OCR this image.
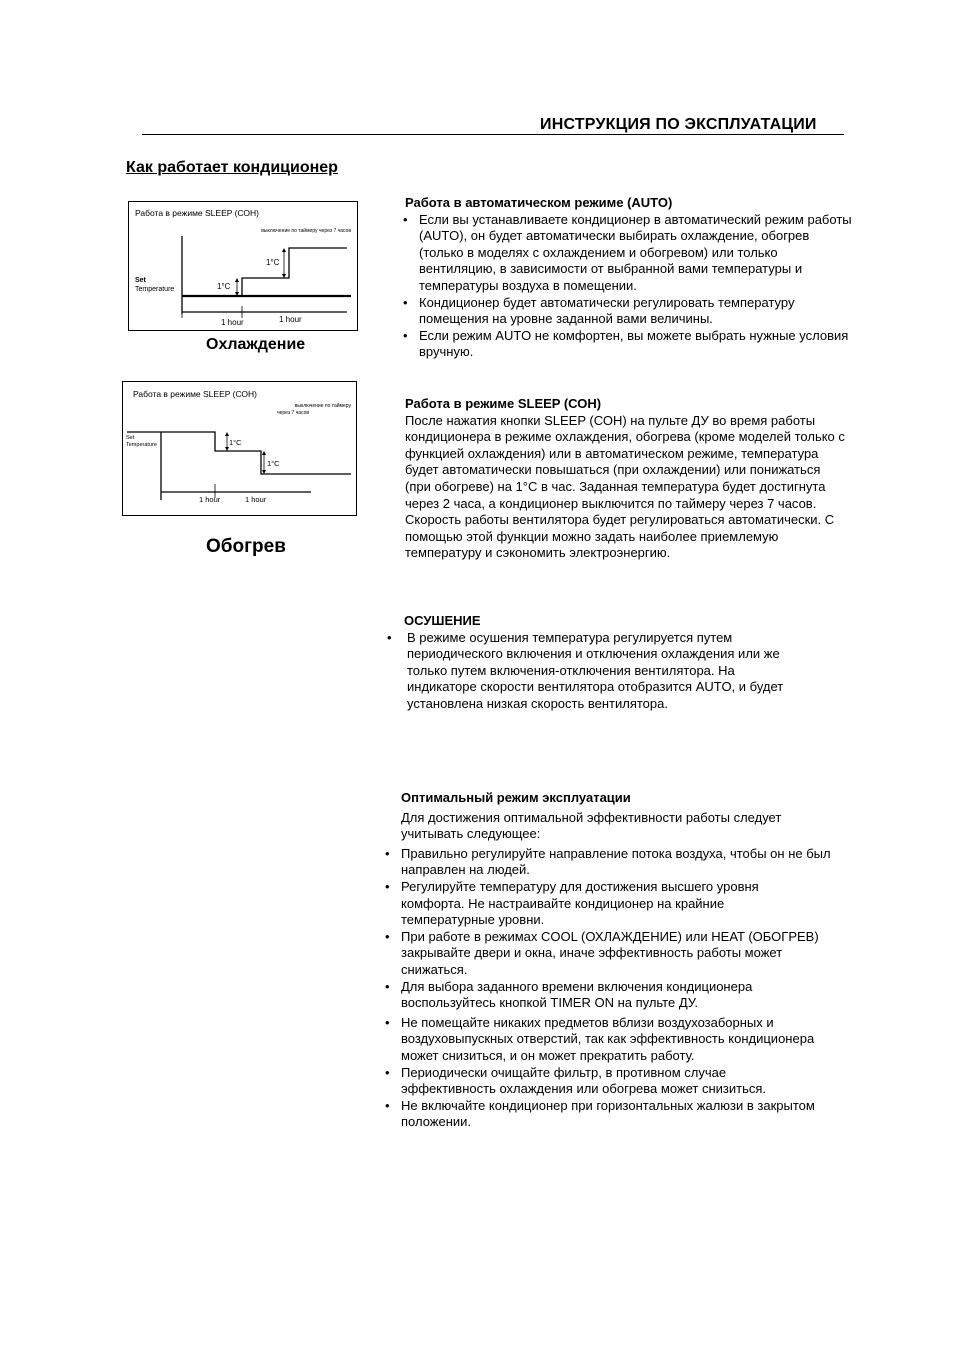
ИНСТРУКЦИЯ ПО ЭКСПЛУАТАЦИИ
Как работает кондиционер
Работа в режиме SLEEP (СОН)
выключение по таймеру через 7 часов
1°C
1°C
Set
Temperature
1 hour	1 hour
Охлаждение
Работа в режиме SLEEP (СОН)
выключение по таймеру
через 7 часов
1°C
1°C
Set
Temperature
1 hour	1 hour
Обогрев
Работа в автоматическом режиме (AUTO)
• Если вы устанавливаете кондиционер в автоматический режим работы (AUTO), он будет автоматически выбирать охлаждение, обогрев (только в моделях с охлаждением и обогревом) или только вентиляцию, в зависимости от выбранной вами температуры и температуры воздуха в помещении.
• Кондиционер будет автоматически регулировать температуру помещения на уровне заданной вами величины.
• Если режим AUTO не комфортен, вы можете выбрать нужные условия вручную.
Работа в режиме SLEEP (СОН)

После нажатия кнопки SLEEP (СОН) на пульте ДУ во время работы кондиционера в режиме охлаждения, обогрева (кроме моделей только с функцией охлаждения) или в автоматическом режиме, температура будет автоматически повышаться (при охлаждении) или понижаться (при обогреве) на 1°С в час. Заданная температура будет достигнута через 2 часа, а кондиционер выключится по таймеру через 7 часов. Скорость работы вентилятора будет регулироваться автоматически. С помощью этой функции можно задать наиболее приемлемую температуру и сэкономить электроэнергию.

ОСУШЕНИЕ
• В режиме осушения температура регулируется путем периодического включения и отключения охлаждения или же только путем включения-отключения вентилятора. На индикаторе скорости вентилятора отобразится AUTO, и будет установлена низкая скорость вентилятора.
Оптимальный режим эксплуатации

Для достижения оптимальной эффективности работы следует учитывать следующее:

• Правильно регулируйте направление потока воздуха, чтобы он не был направлен на людей.
• Регулируйте температуру для достижения высшего уровня комфорта. Не настраивайте кондиционер на крайние температурные уровни.
• При работе в режимах COOL (ОХЛАЖДЕНИЕ) или HEAT (ОБОГРЕВ) закрывайте двери и окна, иначе эффективность работы может снижаться.
• Для выбора заданного времени включения кондиционера воспользуйтесь кнопкой TIMER ON на пульте ДУ.
• Не помещайте никаких предметов вблизи воздухозаборных и воздуховыпускных отверстий, так как эффективность кондиционера может снизиться, и он может прекратить работу.
• Периодически очищайте фильтр, в противном случае эффективность охлаждения или обогрева может снизиться.
• Не включайте кондиционер при горизонтальных жалюзи в закрытом положении.
